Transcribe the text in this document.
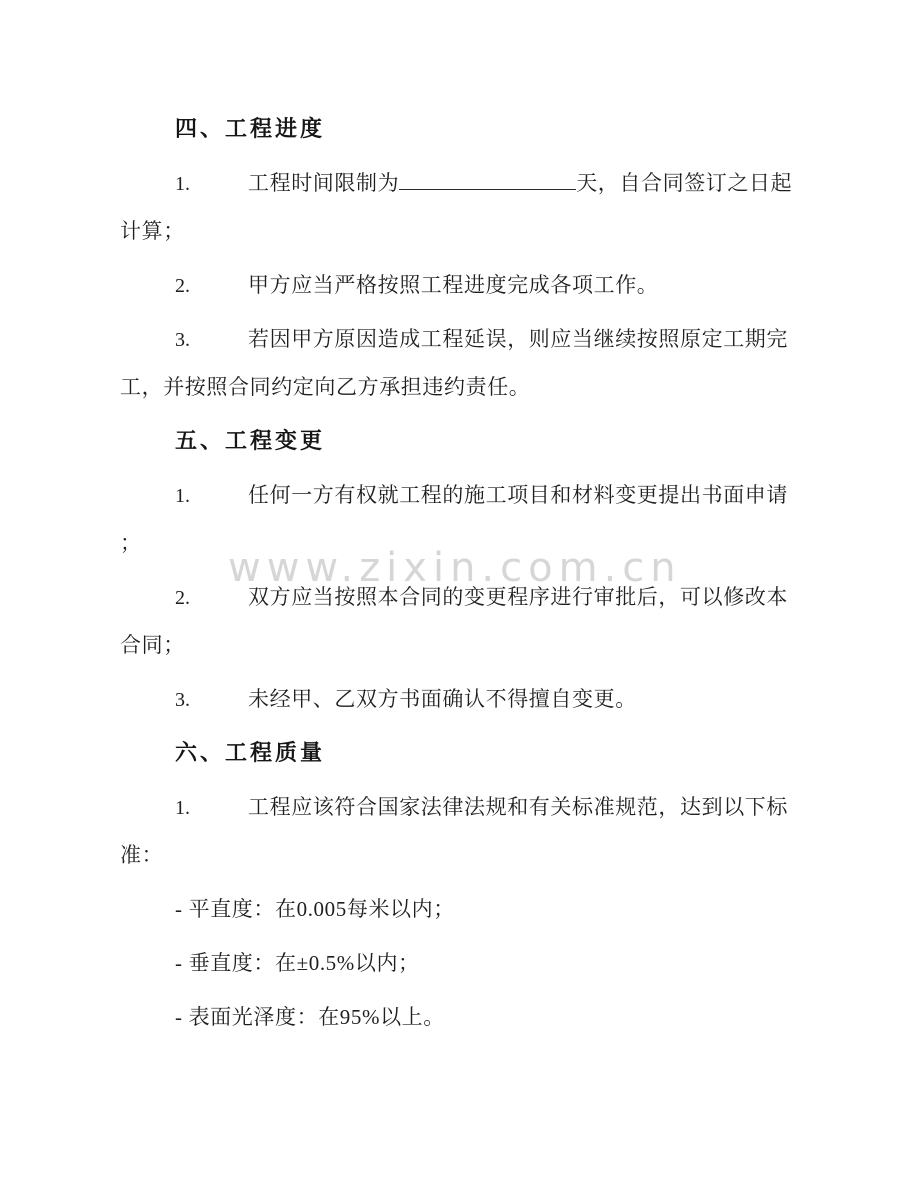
www.zixin.com.cn
四、工程进度
1.	工程时间限制为	天，自合同签订之日起
计算；
2.	甲方应当严格按照工程进度完成各项工作。
3.	若因甲方原因造成工程延误，则应当继续按照原定工期完
工，并按照合同约定向乙方承担违约责任。
五、工程变更
1.	任何一方有权就工程的施工项目和材料变更提出书面申请
；
2.	双方应当按照本合同的变更程序进行审批后，可以修改本
合同；
3.	未经甲、乙双方书面确认不得擅自变更。
六、工程质量
1.	工程应该符合国家法律法规和有关标准规范，达到以下标
准：
- 平直度：在0.005每米以内；
- 垂直度：在±0.5%以内；
- 表面光泽度：在95%以上。
